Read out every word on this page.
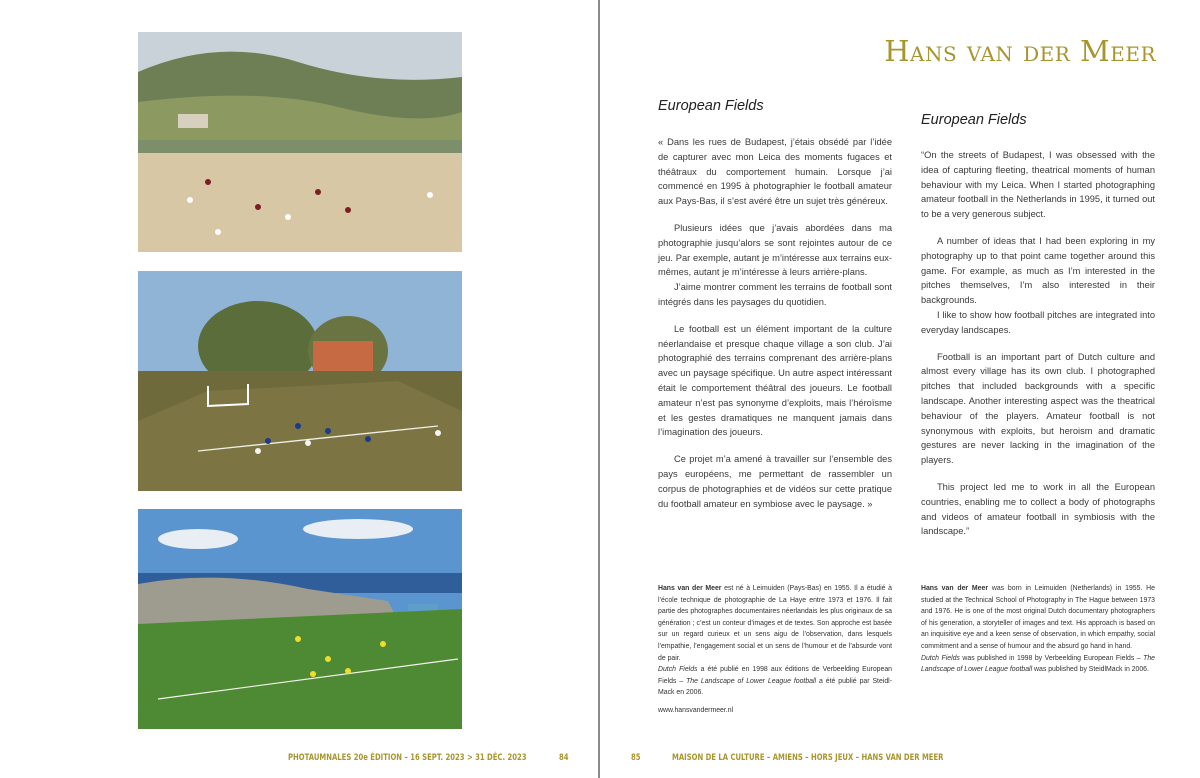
Hans van der Meer
European Fields

« Dans les rues de Budapest, j’étais obsédé par l’idée de capturer avec mon Leica des moments fugaces et théâtraux du comportement humain. Lorsque j’ai commencé en 1995 à photographier le football amateur aux Pays-Bas, il s’est avéré être un sujet très généreux.

Plusieurs idées que j’avais abordées dans ma photographie jusqu’alors se sont rejointes autour de ce jeu. Par exemple, autant je m’intéresse aux terrains eux-mêmes, autant je m’intéresse à leurs arrière-plans.

J’aime montrer comment les terrains de football sont intégrés dans les paysages du quotidien.

Le football est un élément important de la culture néerlandaise et presque chaque village a son club. J’ai photographié des terrains comprenant des arrière-plans avec un paysage spécifique. Un autre aspect intéressant était le comportement théâtral des joueurs. Le football amateur n’est pas synonyme d’exploits, mais l’héroïsme et les gestes dramatiques ne manquent jamais dans l’imagination des joueurs.

Ce projet m’a amené à travailler sur l’ensemble des pays européens, me permettant de rassembler un corpus de photographies et de vidéos sur cette pratique du football amateur en symbiose avec le paysage. »

European Fields

“On the streets of Budapest, I was obsessed with the idea of capturing fleeting, theatrical moments of human behaviour with my Leica. When I started photographing amateur football in the Netherlands in 1995, it turned out to be a very generous subject.

A number of ideas that I had been exploring in my photography up to that point came together around this game. For example, as much as I’m interested in the pitches themselves, I’m also interested in their backgrounds.

I like to show how football pitches are integrated into everyday landscapes.

Football is an important part of Dutch culture and almost every village has its own club. I photographed pitches that included backgrounds with a specific landscape. Another interesting aspect was the theatrical behaviour of the players. Amateur football is not synonymous with exploits, but heroism and dramatic gestures are never lacking in the imagination of the players.

This project led me to work in all the European countries, enabling me to collect a body of photographs and videos of amateur football in symbiosis with the landscape.”

Hans van der Meer est né à Leimuiden (Pays-Bas) en 1955. Il a étudié à l’école technique de photographie de La Haye entre 1973 et 1976. Il fait partie des photographes documentaires néerlandais les plus originaux de sa génération ; c’est un conteur d’images et de textes. Son approche est basée sur un regard curieux et un sens aigu de l’observation, dans lesquels l’empathie, l’engagement social et un sens de l’humour et de l’absurde vont de pair.

Dutch Fields a été publié en 1998 aux éditions de Verbeelding European Fields – The Landscape of Lower League football a été publié par Steidl-Mack en 2006.

www.hansvandermeer.nl

Hans van der Meer was born in Leimuiden (Netherlands) in 1955. He studied at the Technical School of Photography in The Hague between 1973 and 1976. He is one of the most original Dutch documentary photographers of his generation, a storyteller of images and text. His approach is based on an inquisitive eye and a keen sense of observation, in which empathy, social commitment and a sense of humour and the absurd go hand in hand.

Dutch Fields was published in 1998 by Verbeelding European Fields – The Landscape of Lower League football was published by SteidlMack in 2006.

PHOTAUMNALES 20e ÉDITION – 16 SEPT. 2023 > 31 DÉC. 2023	84	85	MAISON DE LA CULTURE – AMIENS – HORS JEUX – HANS VAN DER MEER
